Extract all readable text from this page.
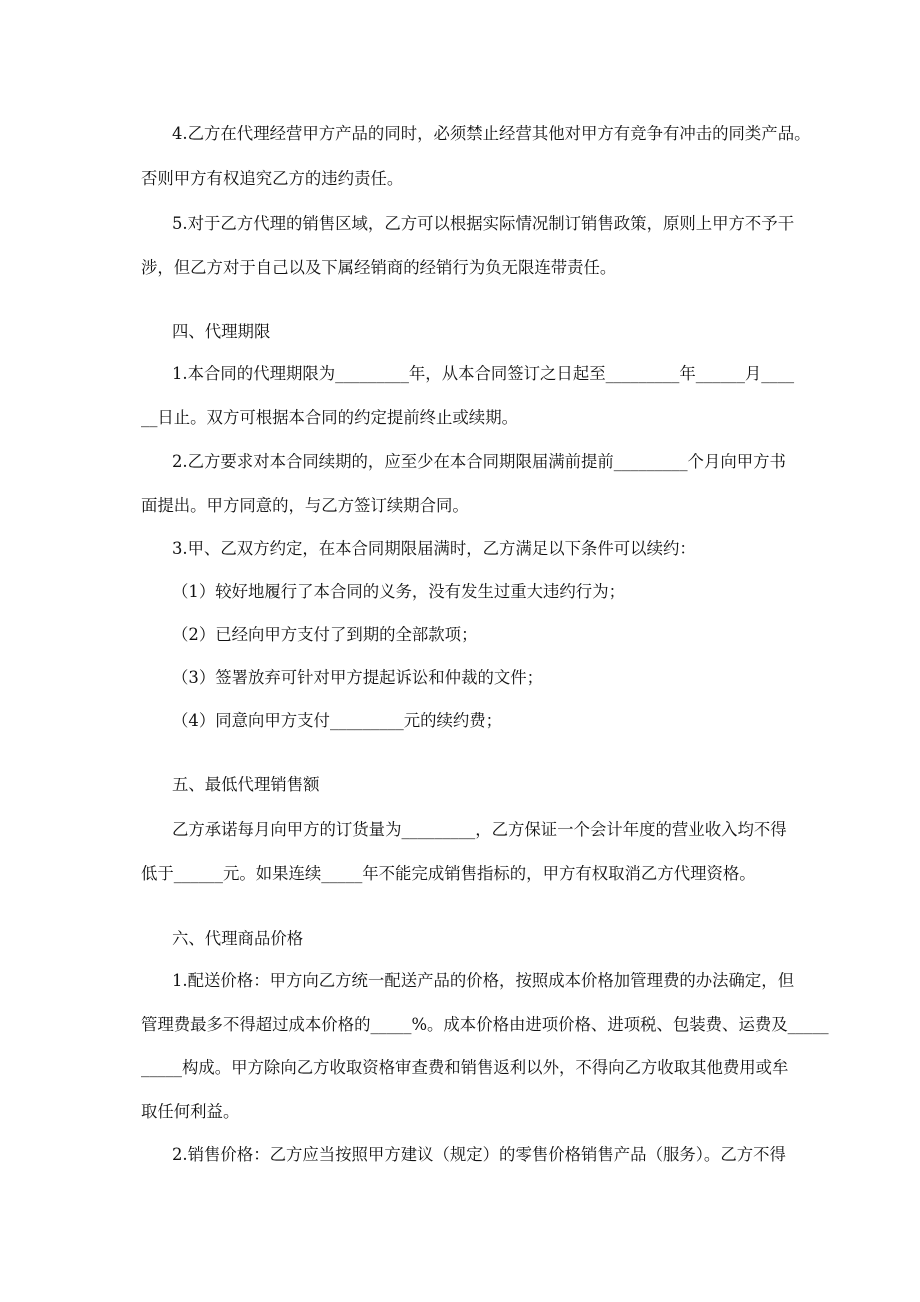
4.乙方在代理经营甲方产品的同时，必须禁止经营其他对甲方有竞争有冲击的同类产品。
否则甲方有权追究乙方的违约责任。
5.对于乙方代理的销售区域，乙方可以根据实际情况制订销售政策，原则上甲方不予干
涉，但乙方对于自己以及下属经销商的经销行为负无限连带责任。
四、代理期限
1.本合同的代理期限为_________年，从本合同签订之日起至_________年______月____
__日止。双方可根据本合同的约定提前终止或续期。
2.乙方要求对本合同续期的，应至少在本合同期限届满前提前_________个月向甲方书
面提出。甲方同意的，与乙方签订续期合同。
3.甲、乙双方约定，在本合同期限届满时，乙方满足以下条件可以续约：
（1）较好地履行了本合同的义务，没有发生过重大违约行为；
（2）已经向甲方支付了到期的全部款项；
（3）签署放弃可针对甲方提起诉讼和仲裁的文件；
（4）同意向甲方支付_________元的续约费；
五、最低代理销售额
乙方承诺每月向甲方的订货量为_________，乙方保证一个会计年度的营业收入均不得
低于______元。如果连续_____年不能完成销售指标的，甲方有权取消乙方代理资格。
六、代理商品价格
1.配送价格：甲方向乙方统一配送产品的价格，按照成本价格加管理费的办法确定，但
管理费最多不得超过成本价格的_____%。成本价格由进项价格、进项税、包装费、运费及_____
_____构成。甲方除向乙方收取资格审查费和销售返利以外，不得向乙方收取其他费用或牟
取任何利益。
2.销售价格：乙方应当按照甲方建议（规定）的零售价格销售产品（服务）。乙方不得
